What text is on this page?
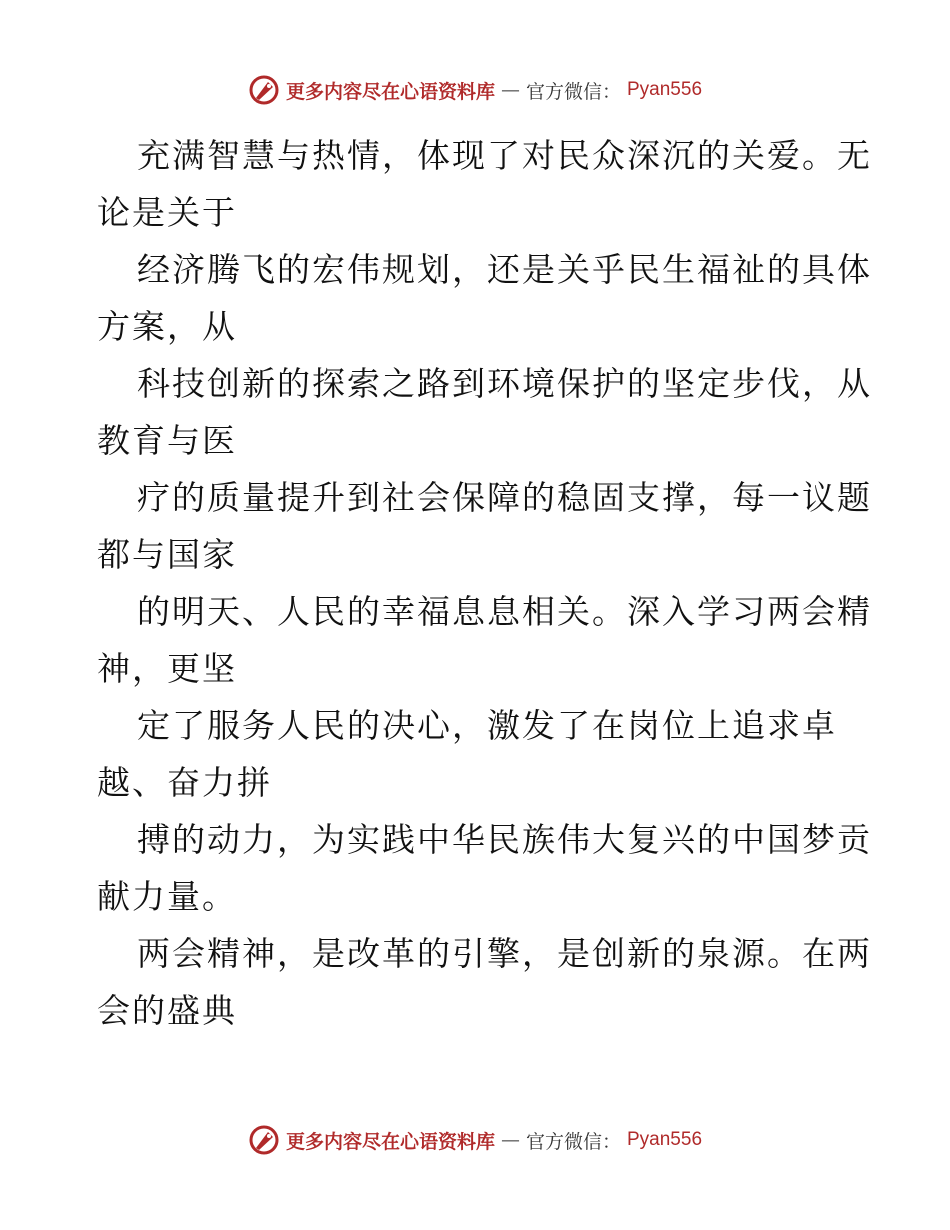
更多内容尽在心语资料库 — 官方微信： Pyan556
充满智慧与热情，体现了对民众深沉的关爱。无
论是关于
经济腾飞的宏伟规划，还是关乎民生福祉的具体
方案，从
科技创新的探索之路到环境保护的坚定步伐，从
教育与医
疗的质量提升到社会保障的稳固支撑，每一议题
都与国家
的明天、人民的幸福息息相关。深入学习两会精
神，更坚
定了服务人民的决心，激发了在岗位上追求卓
越、奋力拼
搏的动力，为实践中华民族伟大复兴的中国梦贡
献力量。
两会精神，是改革的引擎，是创新的泉源。在两
会的盛典
更多内容尽在心语资料库 — 官方微信： Pyan556
